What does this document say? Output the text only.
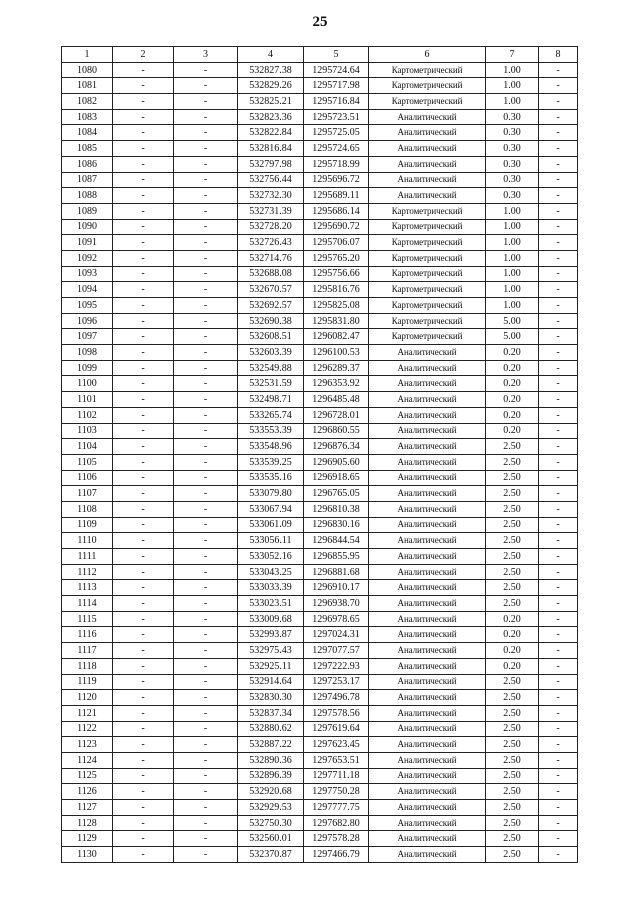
25
1	2	3	4	5	6	7	8
1080	-	-	532827.38	1295724.64	Картометрический	1.00	-
1081	-	-	532829.26	1295717.98	Картометрический	1.00	-
1082	-	-	532825.21	1295716.84	Картометрический	1.00	-
1083	-	-	532823.36	1295723.51	Аналитический	0.30	-
1084	-	-	532822.84	1295725.05	Аналитический	0.30	-
1085	-	-	532816.84	1295724.65	Аналитический	0.30	-
1086	-	-	532797.98	1295718.99	Аналитический	0.30	-
1087	-	-	532756.44	1295696.72	Аналитический	0.30	-
1088	-	-	532732.30	1295689.11	Аналитический	0.30	-
1089	-	-	532731.39	1295686.14	Картометрический	1.00	-
1090	-	-	532728.20	1295690.72	Картометрический	1.00	-
1091	-	-	532726.43	1295706.07	Картометрический	1.00	-
1092	-	-	532714.76	1295765.20	Картометрический	1.00	-
1093	-	-	532688.08	1295756.66	Картометрический	1.00	-
1094	-	-	532670.57	1295816.76	Картометрический	1.00	-
1095	-	-	532692.57	1295825.08	Картометрический	1.00	-
1096	-	-	532690.38	1295831.80	Картометрический	5.00	-
1097	-	-	532608.51	1296082.47	Картометрический	5.00	-
1098	-	-	532603.39	1296100.53	Аналитический	0.20	-
1099	-	-	532549.88	1296289.37	Аналитический	0.20	-
1100	-	-	532531.59	1296353.92	Аналитический	0.20	-
1101	-	-	532498.71	1296485.48	Аналитический	0.20	-
1102	-	-	533265.74	1296728.01	Аналитический	0.20	-
1103	-	-	533553.39	1296860.55	Аналитический	0.20	-
1104	-	-	533548.96	1296876.34	Аналитический	2.50	-
1105	-	-	533539.25	1296905.60	Аналитический	2.50	-
1106	-	-	533535.16	1296918.65	Аналитический	2.50	-
1107	-	-	533079.80	1296765.05	Аналитический	2.50	-
1108	-	-	533067.94	1296810.38	Аналитический	2.50	-
1109	-	-	533061.09	1296830.16	Аналитический	2.50	-
1110	-	-	533056.11	1296844.54	Аналитический	2.50	-
1111	-	-	533052.16	1296855.95	Аналитический	2.50	-
1112	-	-	533043.25	1296881.68	Аналитический	2.50	-
1113	-	-	533033.39	1296910.17	Аналитический	2.50	-
1114	-	-	533023.51	1296938.70	Аналитический	2.50	-
1115	-	-	533009.68	1296978.65	Аналитический	0.20	-
1116	-	-	532993.87	1297024.31	Аналитический	0.20	-
1117	-	-	532975.43	1297077.57	Аналитический	0.20	-
1118	-	-	532925.11	1297222.93	Аналитический	0.20	-
1119	-	-	532914.64	1297253.17	Аналитический	2.50	-
1120	-	-	532830.30	1297496.78	Аналитический	2.50	-
1121	-	-	532837.34	1297578.56	Аналитический	2.50	-
1122	-	-	532880.62	1297619.64	Аналитический	2.50	-
1123	-	-	532887.22	1297623.45	Аналитический	2.50	-
1124	-	-	532890.36	1297653.51	Аналитический	2.50	-
1125	-	-	532896.39	1297711.18	Аналитический	2.50	-
1126	-	-	532920.68	1297750.28	Аналитический	2.50	-
1127	-	-	532929.53	1297777.75	Аналитический	2.50	-
1128	-	-	532750.30	1297682.80	Аналитический	2.50	-
1129	-	-	532560.01	1297578.28	Аналитический	2.50	-
1130	-	-	532370.87	1297466.79	Аналитический	2.50	-
